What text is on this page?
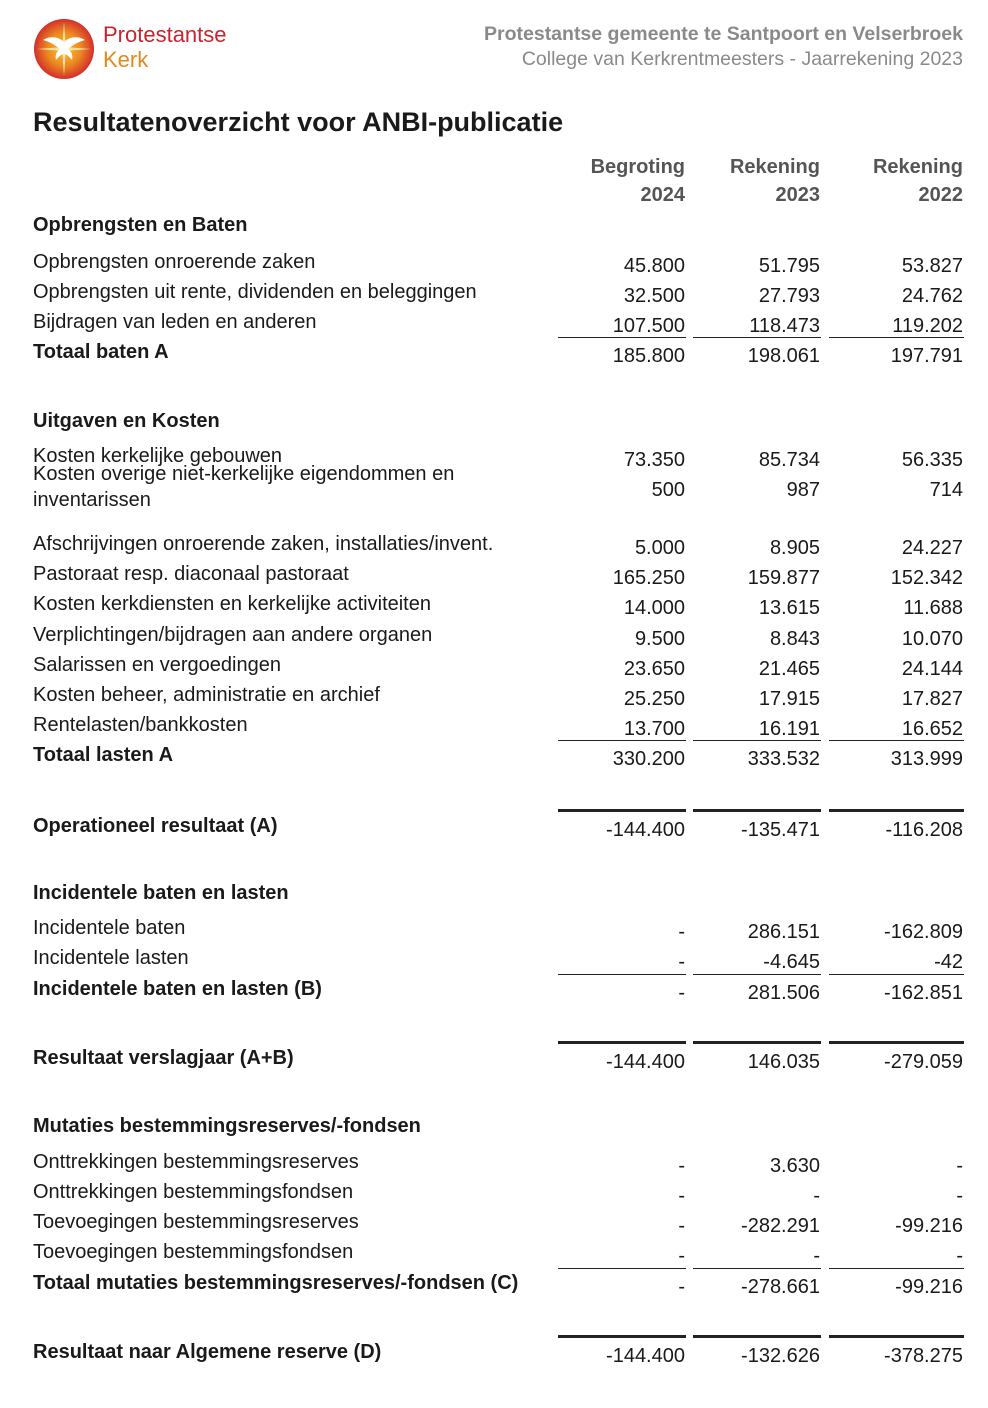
Protestantse
Kerk
Protestantse gemeente te Santpoort en Velserbroek
College van Kerkrentmeesters - Jaarrekening 2023
Resultatenoverzicht voor ANBI-publicatie
Begroting
2024
Rekening
2023
Rekening
2022
Opbrengsten en Baten
Opbrengsten onroerende zaken	45.800	51.795	53.827
Opbrengsten uit rente, dividenden en beleggingen	32.500	27.793	24.762
Bijdragen van leden en anderen	107.500	118.473	119.202
Totaal baten A	185.800	198.061	197.791
Uitgaven en Kosten
Kosten kerkelijke gebouwen	73.350	85.734	56.335
Kosten overige niet-kerkelijke eigendommen en inventarissen	500	987	714
Afschrijvingen onroerende zaken, installaties/invent.	5.000	8.905	24.227
Pastoraat resp. diaconaal pastoraat	165.250	159.877	152.342
Kosten kerkdiensten en kerkelijke activiteiten	14.000	13.615	11.688
Verplichtingen/bijdragen aan andere organen	9.500	8.843	10.070
Salarissen en vergoedingen	23.650	21.465	24.144
Kosten beheer, administratie en archief	25.250	17.915	17.827
Rentelasten/bankkosten	13.700	16.191	16.652
Totaal lasten A	330.200	333.532	313.999
Operationeel resultaat (A)	-144.400	-135.471	-116.208
Incidentele baten en lasten
Incidentele baten	-	286.151	-162.809
Incidentele lasten	-	-4.645	-42
Incidentele baten en lasten (B)	-	281.506	-162.851
Resultaat verslagjaar (A+B)	-144.400	146.035	-279.059
Mutaties bestemmingsreserves/-fondsen
Onttrekkingen bestemmingsreserves	-	3.630	-
Onttrekkingen bestemmingsfondsen	-	-	-
Toevoegingen bestemmingsreserves	-	-282.291	-99.216
Toevoegingen bestemmingsfondsen	-	-	-
Totaal mutaties bestemmingsreserves/-fondsen (C)	-	-278.661	-99.216
Resultaat naar Algemene reserve (D)	-144.400	-132.626	-378.275
